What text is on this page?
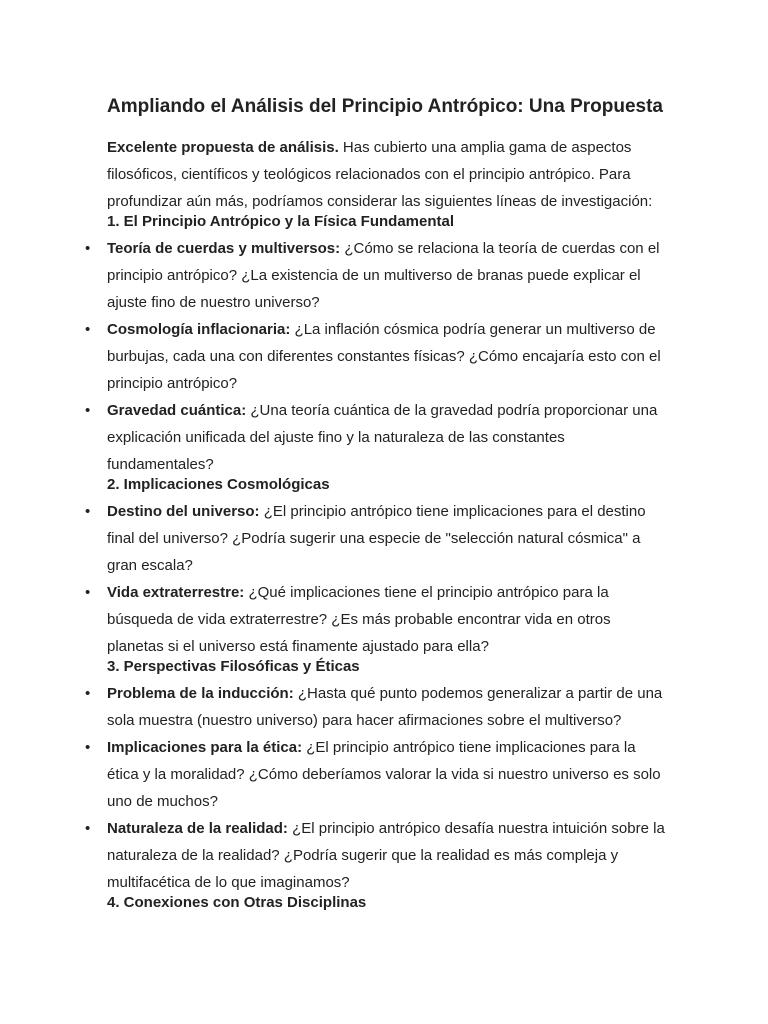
Ampliando el Análisis del Principio Antrópico: Una Propuesta

Excelente propuesta de análisis. Has cubierto una amplia gama de aspectos filosóficos, científicos y teológicos relacionados con el principio antrópico. Para profundizar aún más, podríamos considerar las siguientes líneas de investigación:

1. El Principio Antrópico y la Física Fundamental
• Teoría de cuerdas y multiversos: ¿Cómo se relaciona la teoría de cuerdas con el principio antrópico? ¿La existencia de un multiverso de branas puede explicar el ajuste fino de nuestro universo?
• Cosmología inflacionaria: ¿La inflación cósmica podría generar un multiverso de burbujas, cada una con diferentes constantes físicas? ¿Cómo encajaría esto con el principio antrópico?
• Gravedad cuántica: ¿Una teoría cuántica de la gravedad podría proporcionar una explicación unificada del ajuste fino y la naturaleza de las constantes fundamentales?
2. Implicaciones Cosmológicas
• Destino del universo: ¿El principio antrópico tiene implicaciones para el destino final del universo? ¿Podría sugerir una especie de "selección natural cósmica" a gran escala?
• Vida extraterrestre: ¿Qué implicaciones tiene el principio antrópico para la búsqueda de vida extraterrestre? ¿Es más probable encontrar vida en otros planetas si el universo está finamente ajustado para ella?
3. Perspectivas Filosóficas y Éticas
• Problema de la inducción: ¿Hasta qué punto podemos generalizar a partir de una sola muestra (nuestro universo) para hacer afirmaciones sobre el multiverso?
• Implicaciones para la ética: ¿El principio antrópico tiene implicaciones para la ética y la moralidad? ¿Cómo deberíamos valorar la vida si nuestro universo es solo uno de muchos?
• Naturaleza de la realidad: ¿El principio antrópico desafía nuestra intuición sobre la naturaleza de la realidad? ¿Podría sugerir que la realidad es más compleja y multifacética de lo que imaginamos?
4. Conexiones con Otras Disciplinas
